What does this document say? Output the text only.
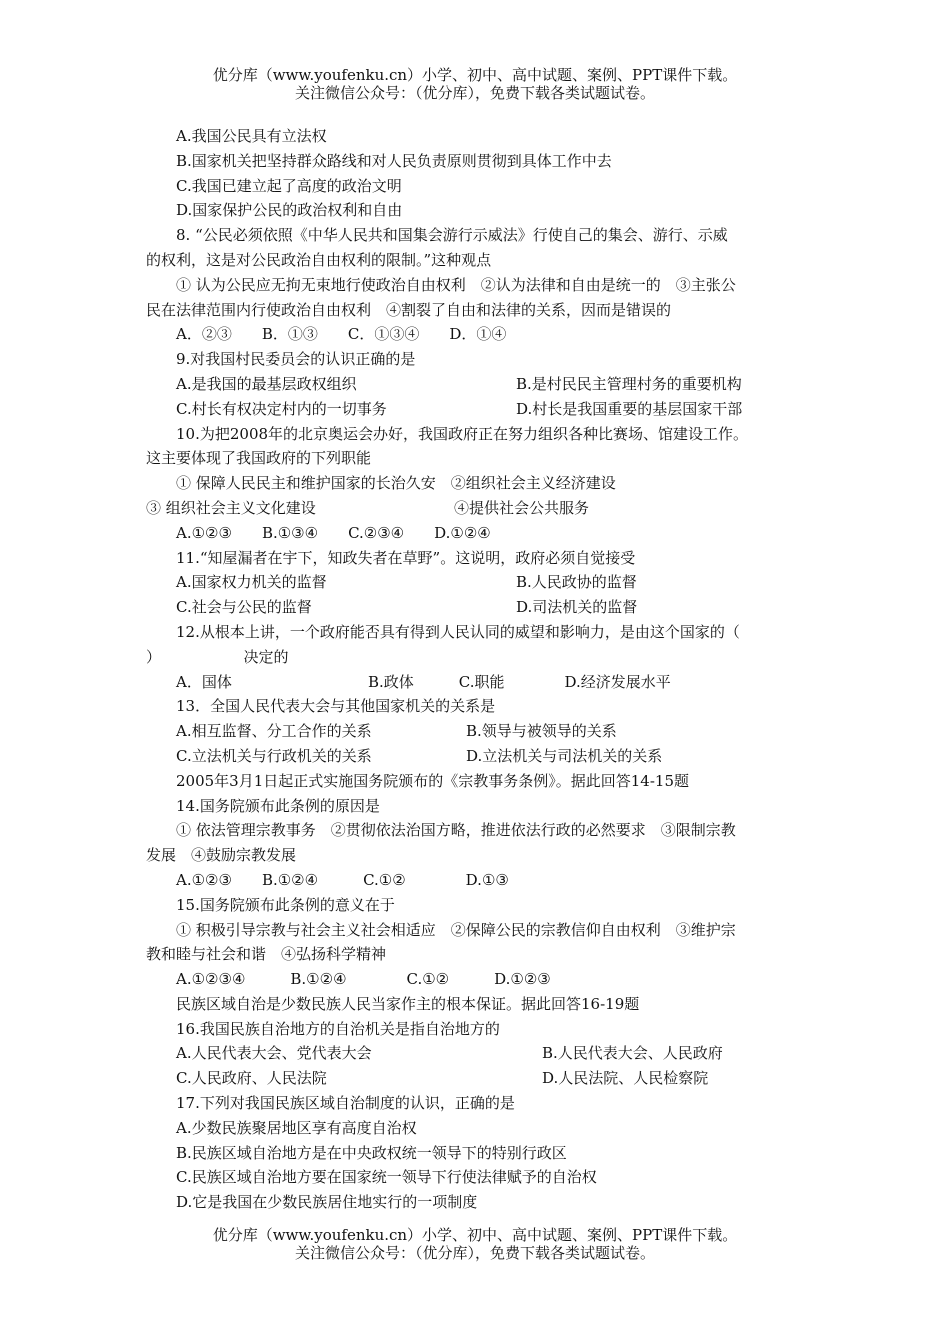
优分库（www.youfenku.cn）小学、初中、高中试题、案例、PPT课件下载。
关注微信公众号：（优分库），免费下载各类试题试卷。
A.我国公民具有立法权
B.国家机关把坚持群众路线和对人民负责原则贯彻到具体工作中去
C.我国已建立起了高度的政治文明
D.国家保护公民的政治权利和自由
8. “公民必须依照《中华人民共和国集会游行示威法》行使自己的集会、游行、示威
的权利，这是对公民政治自由权利的限制。”这种观点
① 认为公民应无拘无束地行使政治自由权利　②认为法律和自由是统一的　③主张公
民在法律范围内行使政治自由权利　④割裂了自由和法律的关系，因而是错误的
A．②③　　B．①③　　C．①③④　　D．①④
9.对我国村民委员会的认识正确的是
A.是我国的最基层政权组织	B.是村民民主管理村务的重要机构
C.村长有权决定村内的一切事务	D.村长是我国重要的基层国家干部
10.为把2008年的北京奥运会办好，我国政府正在努力组织各种比赛场、馆建设工作。
这主要体现了我国政府的下列职能
① 保障人民民主和维护国家的长治久安　②组织社会主义经济建设
③ 组织社会主义文化建设	④提供社会公共服务
A.①②③　　B.①③④　　C.②③④　　D.①②④
11.“知屋漏者在宇下，知政失者在草野”。这说明，政府必须自觉接受
A.国家权力机关的监督	B.人民政协的监督
C.社会与公民的监督	D.司法机关的监督
12.从根本上讲，一个政府能否具有得到人民认同的威望和影响力，是由这个国家的（
）　　　　　　决定的
A．国体	B.政体　　　C.职能　　　　D.经济发展水平
13．全国人民代表大会与其他国家机关的关系是
A.相互监督、分工合作的关系	B.领导与被领导的关系
C.立法机关与行政机关的关系	D.立法机关与司法机关的关系
2005年3月1日起正式实施国务院颁布的《宗教事务条例》。据此回答14-15题
14.国务院颁布此条例的原因是
① 依法管理宗教事务　②贯彻依法治国方略，推进依法行政的必然要求　③限制宗教
发展　④鼓励宗教发展
A.①②③　　B.①②④　　　C.①②　　　　D.①③
15.国务院颁布此条例的意义在于
① 积极引导宗教与社会主义社会相适应　②保障公民的宗教信仰自由权利　③维护宗
教和睦与社会和谐　④弘扬科学精神
A.①②③④　　　B.①②④　　　　C.①②　　　D.①②③
民族区域自治是少数民族人民当家作主的根本保证。据此回答16-19题
16.我国民族自治地方的自治机关是指自治地方的
A.人民代表大会、党代表大会	B.人民代表大会、人民政府
C.人民政府、人民法院	D.人民法院、人民检察院
17.下列对我国民族区域自治制度的认识，正确的是
A.少数民族聚居地区享有高度自治权
B.民族区域自治地方是在中央政权统一领导下的特别行政区
C.民族区域自治地方要在国家统一领导下行使法律赋予的自治权
D.它是我国在少数民族居住地实行的一项制度
优分库（www.youfenku.cn）小学、初中、高中试题、案例、PPT课件下载。
关注微信公众号：（优分库），免费下载各类试题试卷。
